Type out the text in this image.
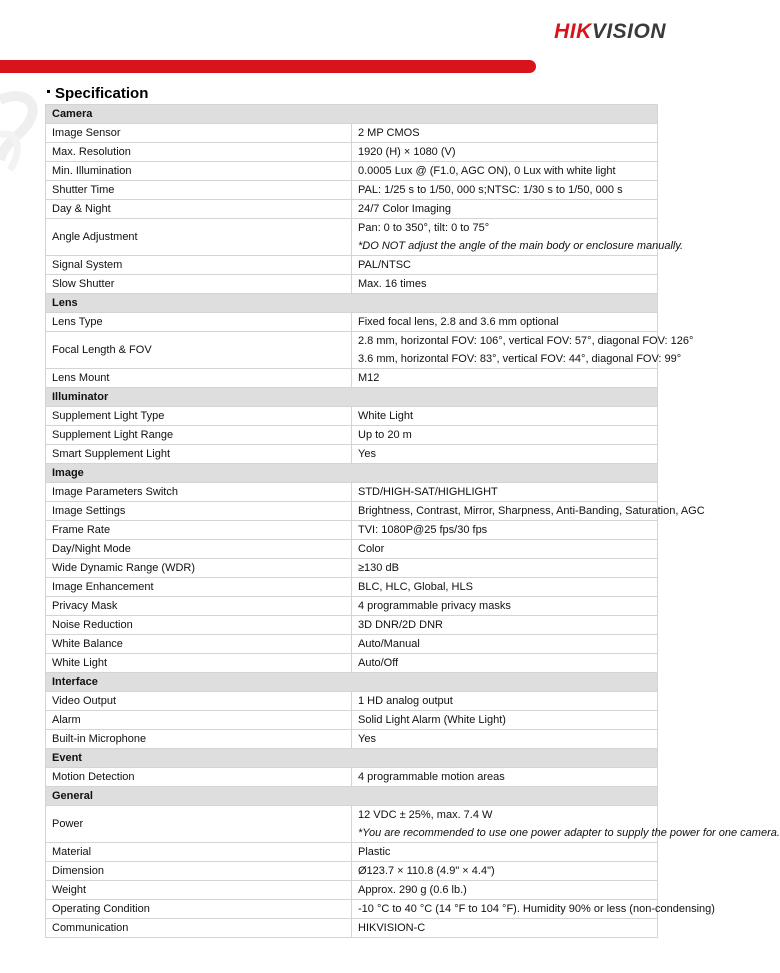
HIKVISION
Specification
Camera	
Image Sensor	2 MP CMOS

Max. Resolution	1920 (H) × 1080 (V)

Min. Illumination	0.0005 Lux @ (F1.0, AGC ON), 0 Lux with white light

Shutter Time	PAL: 1/25 s to 1/50, 000 s;NTSC: 1/30 s to 1/50, 000 s

Day & Night	24/7 Color Imaging

Angle Adjustment	Pan: 0 to 350°, tilt: 0 to 75°
*DO NOT adjust the angle of the main body or enclosure manually.

Signal System	PAL/NTSC

Slow Shutter	Max. 16 times

Lens	
Lens Type	Fixed focal lens, 2.8 and 3.6 mm optional

Focal Length & FOV	2.8 mm, horizontal FOV: 106°, vertical FOV: 57°, diagonal FOV: 126°
3.6 mm, horizontal FOV: 83°, vertical FOV: 44°, diagonal FOV: 99°

Lens Mount	M12

Illuminator	
Supplement Light Type	White Light

Supplement Light Range	Up to 20 m

Smart Supplement Light	Yes

Image	
Image Parameters Switch	STD/HIGH-SAT/HIGHLIGHT

Image Settings	Brightness, Contrast, Mirror, Sharpness, Anti-Banding, Saturation, AGC

Frame Rate	TVI: 1080P@25 fps/30 fps

Day/Night Mode	Color

Wide Dynamic Range (WDR)	≥130 dB

Image Enhancement	BLC, HLC, Global, HLS

Privacy Mask	4 programmable privacy masks

Noise Reduction	3D DNR/2D DNR

White Balance	Auto/Manual

White Light	Auto/Off

Interface	
Video Output	1 HD analog output

Alarm	Solid Light Alarm (White Light)

Built-in Microphone	Yes

Event	
Motion Detection	4 programmable motion areas

General	
Power	12 VDC ± 25%, max. 7.4 W
*You are recommended to use one power adapter to supply the power for one camera.

Material	Plastic

Dimension	Ø123.7 × 110.8 (4.9" × 4.4")

Weight	Approx. 290 g (0.6 lb.)

Operating Condition	-10 °C to 40 °C (14 °F to 104 °F). Humidity 90% or less (non-condensing)

Communication	HIKVISION-C
